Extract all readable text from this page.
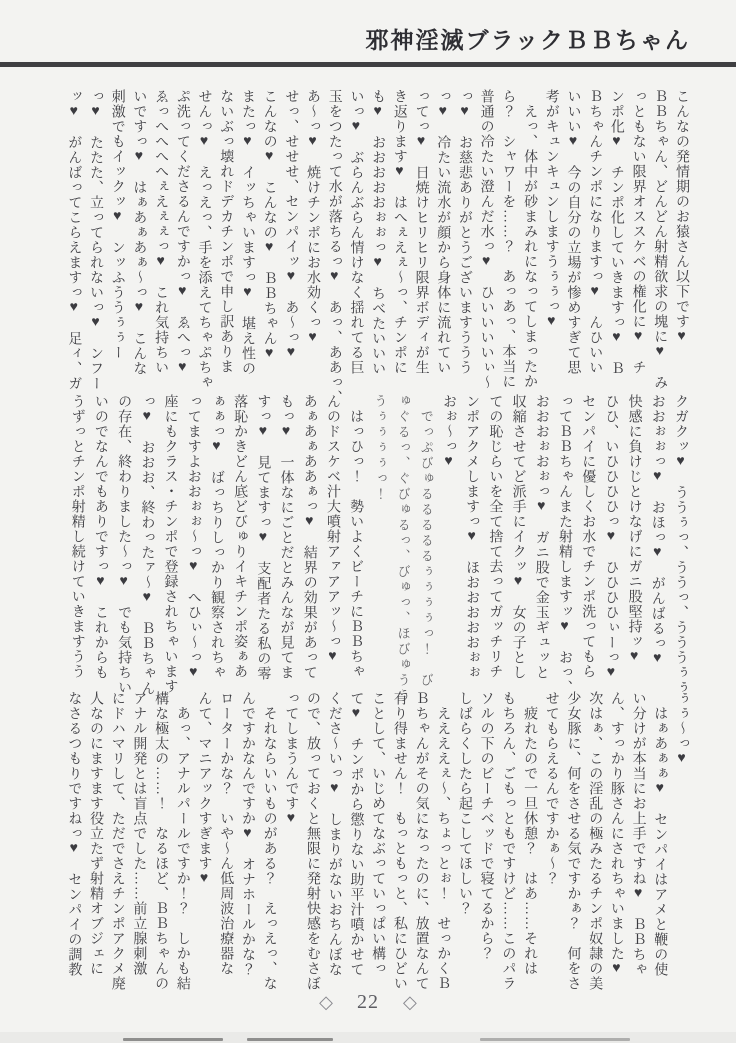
邪神淫滅ブラックＢＢちゃん
こんなの発情期のお猿さん以下です♥
ＢＢちゃん、どんどん射精欲求の塊に♥　み
っともない限界オススケベの権化に♥　チ
ンポ化♥　チンポ化していきますっ♥　Ｂ
Ｂちゃんチンポになりますっ♥　んひいい
いいい♥　今の自分の立場が惨めすぎて思
考がキュンキュンしますうぅぅっ♥
　えっ、体中が砂まみれになってしまったか
ら？　シャワーを……？　あっあっ、本当に
普通の冷たい澄んだ水っ♥　ひいいいいぃ～
っ♥　お慈悲ありがとうございますううう
っ♥　冷たい流水が顔から身体に流れてい
ってっ♥　日焼けヒリヒリ限界ボディが生
き返ります♥　はへぇえぇ～っ、チンポに
も♥　おおおおおぉぉっ♥　ちべたいいい
いっ♥　ぶらんぶらん情けなく揺れてる巨
玉をつたって水が落ちるっ♥　あっ、ああっ、
あ～っ♥　焼けチンポにお水効くっ♥
せっ、せせせ、センパイッ♥　あ～っ♥
こんなの♥　こんなの♥　ＢＢちゃん♥
またっ♥　イッちゃいますっ♥　堪え性の
ないぶっ壊れドデカチンポで申し訳ありま
せんっ♥　えっえっ、手を添えてちゃぷちゃ
ぷ洗ってくださるんですかっ♥　ゑへっ♥
ゑっへへへへぇえぇぇっ♥　これ気持ちい
いですっ♥　はぁあぁあぁ～っ♥　こんな
刺激でもイックッ♥　ンッふううぅぅー
っ♥　たたた、立ってられないっ♥　ンフー
ッ♥　がんばってこらえますっ♥　足ィ、ガ
クガクッ♥　ううぅっ、ううっ、うううぅぅ
おおぉぉっ♥　おほっ♥　がんばるっ♥
快感に負けじとけなげにガニ股堅持ッ♥
ひひ、いひひひひっ♥　ひひひひぃーっ♥
センパイに優しくお水でチンポ洗ってもら
ってＢＢちゃんまた射精しますッ♥　おっ、
おおおぉおぉっ♥　ガニ股で金玉ギュッと
収縮させてど派手にイクッ♥　女の子とし
ての恥じらいを全て捨て去ってガッチリチ
ンポアクメしますっ♥　ほおおおおおぉぉ
おぉ～っ♥
　でっぷびゅるるるるるぅぅぅぅっ！　び
ゅぐるっ、ぐびゅるっ、びゅっ、ほびゅうう
うぅぅぅぅっ！
　はっひっ！　勢いよくビーチにＢＢちゃ
んのドスケベ汁大噴射アァアアッ～っ♥
あぁあぁああぁっ♥　結界の効果があって
もっ♥　一体なにごとだとみんなが見てま
すっ♥　見てますっ♥　支配者たる私の零
落恥かきどん底どびゅりイキチンポ姿ぁあ
ぁぁっ♥　ばっちりしっかり観察されちゃ
ってますよおおぉぉ～っ♥　へひぃ～っ♥
座にもクラス・チンポで登録されちゃいます
っ♥　おおお、終わったァ～♥　ＢＢちゃん
の存在、終わりました～っ♥　でも気持ちい
いのでなんでもありですっ♥　これからも
うずっとチンポ射精し続けていきますうう
ぅぅ～っ♥
　はぁあぁぁ♥　センパイはアメと鞭の使
い分けが本当にお上手ですね♥　ＢＢちゃ
ん、すっかり豚さんにされちゃいました♥
次はぁ、この淫乱の極みたるチンポ奴隷の美
少女豚に、何をさせる気ですかぁ？　何をさ
せてもらえるんですかぁ～？
　疲れたので一旦休憩？　はあ……それは
もちろん、ごもっともですけど……このパラ
ソルの下のビーチベッドで寝てるから？
しばらくしたら起こしてほしい？
　ええええぇ～、ちょっとぉ！　せっかくＢ
Ｂちゃんがその気になったのに、放置なんて
有り得ません！　もっともっと、私にひどい
ことして、いじめてなぶっていっぱい構っ
て♥　チンポから懲りない助平汁噴かせて
くださ～いっ♥　しまりがないおちんぼな
ので、放っておくと無限に発射快感をむさぼ
ってしまうんです♥
　それならいいものがある？　えっえっ、な
んですかなんですか♥　オナホールかな？
ローターかな？　いや～ん低周波治療器な
んて、マニアックすぎます♥
　あっ、アナルパールですか！？　しかも結
構な極太の……！　なるほど、ＢＢちゃんの
アナル開発とは盲点でした……前立腺刺激
にドハマリして、ただでさえチンポアクメ廃
人なのにますます役立たず射精オブジェに
なさるつもりですねっ♥　センパイの調教
◇ 22 ◇
